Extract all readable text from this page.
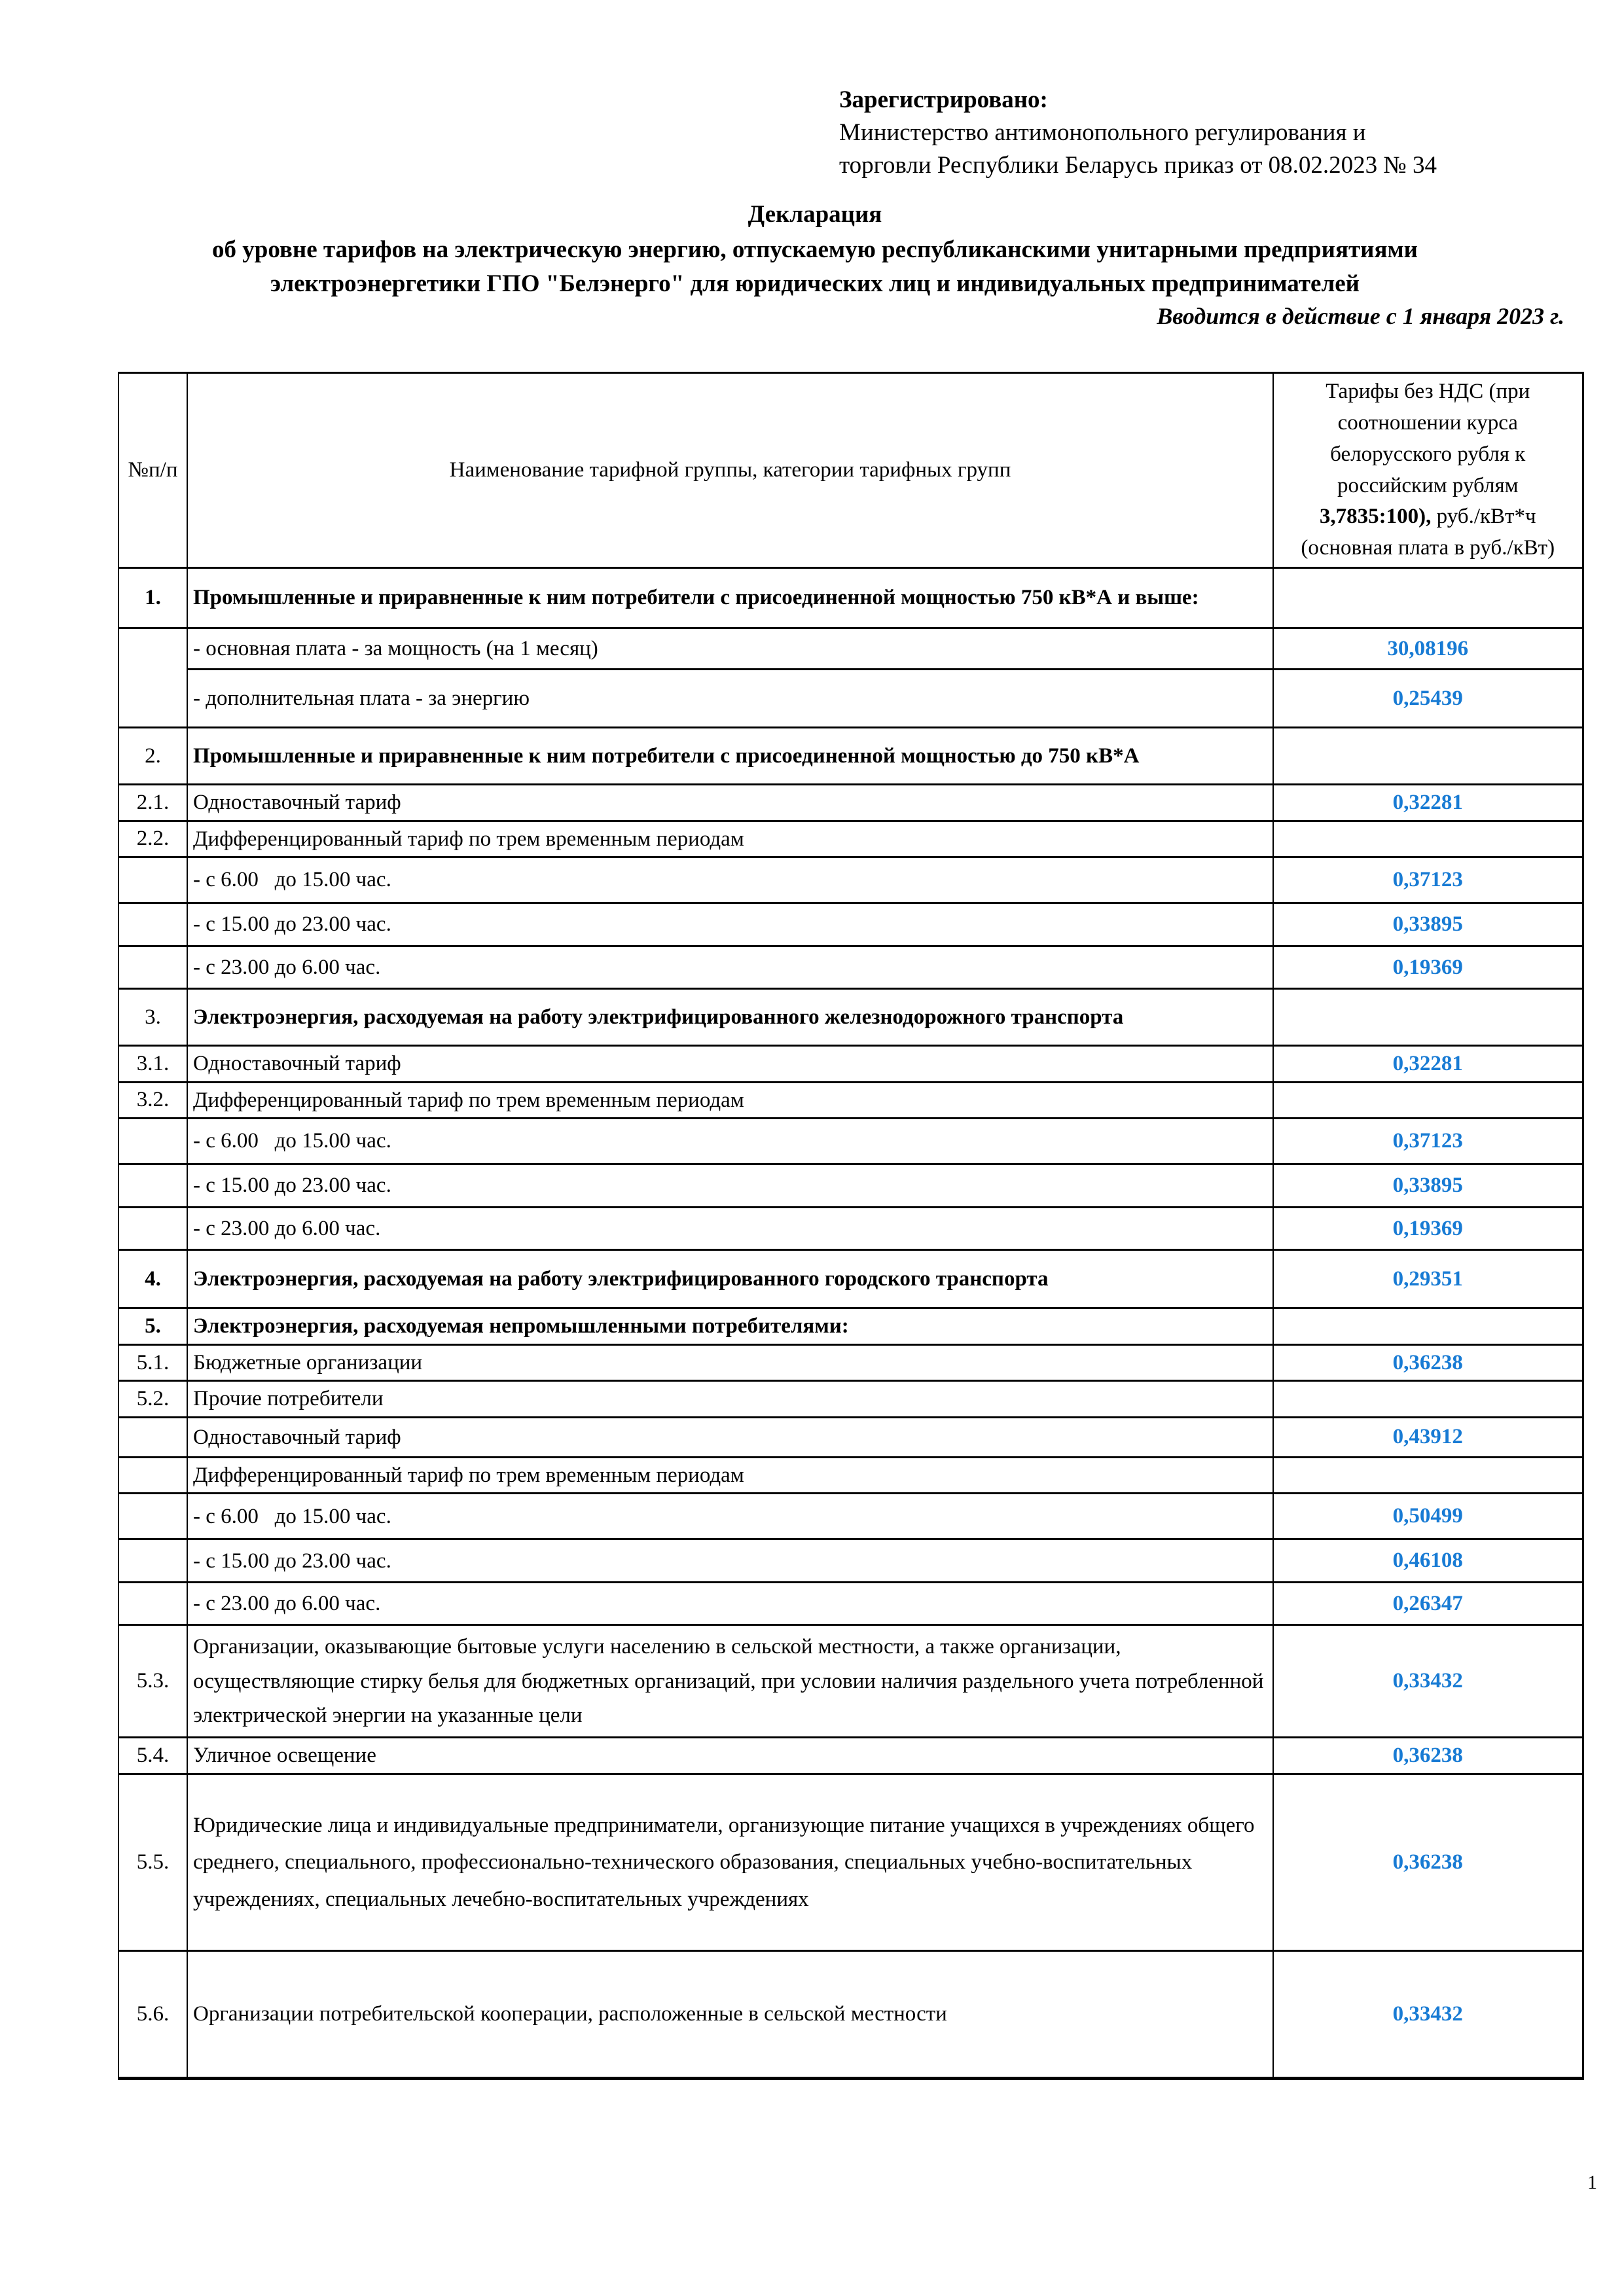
Зарегистрировано:
Министерство антимонопольного регулирования и
торговли Республики Беларусь приказ от 08.02.2023 № 34
Декларация
об уровне тарифов на электрическую энергию, отпускаемую республиканскими унитарными предприятиями
электроэнергетики ГПО "Белэнерго" для юридических лиц и индивидуальных предпринимателей
Вводится в действие с 1 января 2023 г.
№п/п	Наименование тарифной группы, категории тарифных групп	Тарифы без НДС (при соотношении курса белорусского рубля к российским рублям 3,7835:100), руб./кВт*ч (основная плата в руб./кВт)
1.	Промышленные и приравненные к ним потребители с присоединенной мощностью 750 кВ*А и выше:	
	- основная плата - за мощность (на 1 месяц)	30,08196
	- дополнительная плата - за энергию	0,25439
2.	Промышленные и приравненные к ним потребители с присоединенной мощностью до 750 кВ*А	
2.1.	Одноставочный тариф	0,32281
2.2.	Дифференцированный тариф по трем временным периодам	
	- с 6.00   до 15.00 час.	0,37123
	- с 15.00 до 23.00 час.	0,33895
	- с 23.00 до 6.00 час.	0,19369
3.	Электроэнергия, расходуемая на работу электрифицированного железнодорожного транспорта	
3.1.	Одноставочный тариф	0,32281
3.2.	Дифференцированный тариф по трем временным периодам	
	- с 6.00   до 15.00 час.	0,37123
	- с 15.00 до 23.00 час.	0,33895
	- с 23.00 до 6.00 час.	0,19369
4.	Электроэнергия, расходуемая на работу электрифицированного городского транспорта	0,29351
5.	Электроэнергия, расходуемая непромышленными потребителями:	
5.1.	Бюджетные организации	0,36238
5.2.	Прочие потребители	
	Одноставочный тариф	0,43912
	Дифференцированный тариф по трем временным периодам	
	- с 6.00   до 15.00 час.	0,50499
	- с 15.00 до 23.00 час.	0,46108
	- с 23.00 до 6.00 час.	0,26347
5.3.	Организации, оказывающие бытовые услуги населению в сельской местности, а также организации, осуществляющие стирку белья для бюджетных организаций, при условии наличия раздельного учета потребленной электрической энергии на указанные цели	0,33432
5.4.	Уличное освещение	0,36238
5.5.	Юридические лица и индивидуальные предприниматели, организующие питание учащихся в учреждениях общего среднего, специального, профессионально-технического образования, специальных учебно-воспитательных учреждениях, специальных лечебно-воспитательных учреждениях	0,36238
5.6.	Организации потребительской кооперации, расположенные в сельской местности	0,33432
1
